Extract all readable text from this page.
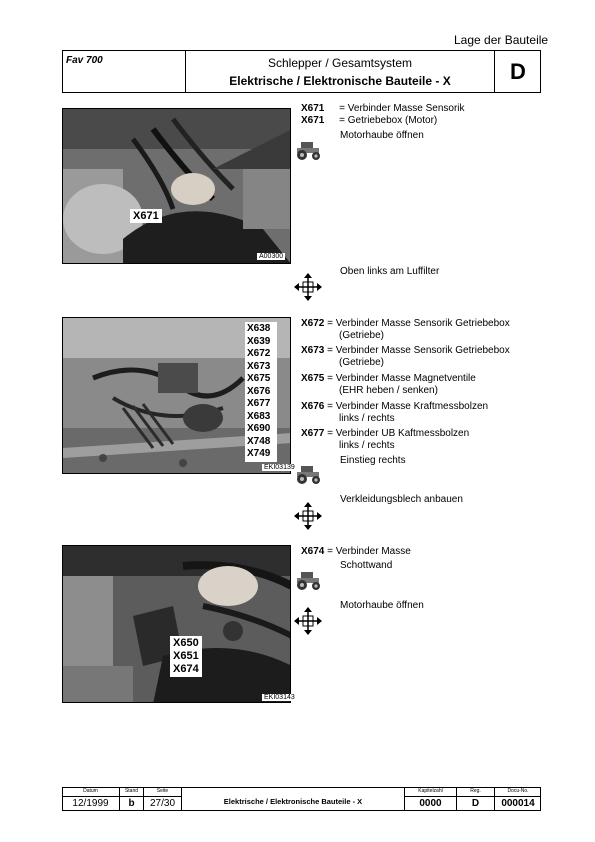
Lage der Bauteile
Fav 700	Schlepper / Gesamtsystem
Elektrische / Elektronische Bauteile - X	D
X671
A00300
X671 = Verbinder Masse Sensorik
X671 = Getriebebox (Motor)
Motorhaube öffnen
Oben links am Luffilter
X638
X639
X672
X673
X675
X676
X677
X683
X690
X748
X749
EKI03139
X672 = Verbinder Masse Sensorik Getriebebox
(Getriebe)
X673 = Verbinder Masse Sensorik Getriebebox
(Getriebe)
X675 = Verbinder Masse Magnetventile
(EHR heben / senken)
X676 = Verbinder Masse Kraftmessbolzen
links / rechts
X677 = Verbinder UB Kaftmessbolzen
links / rechts
Einstieg rechts
Verkleidungsblech anbauen
X650
X651
X674
EKI03143
X674 = Verbinder Masse
Schottwand
Motorhaube öffnen
Datum
12/1999
Stand
b
Seite
27/30	Elektrische / Elektronische Bauteile - X
Kapitelzahl
0000
Reg.
D
Docu-No.
000014
